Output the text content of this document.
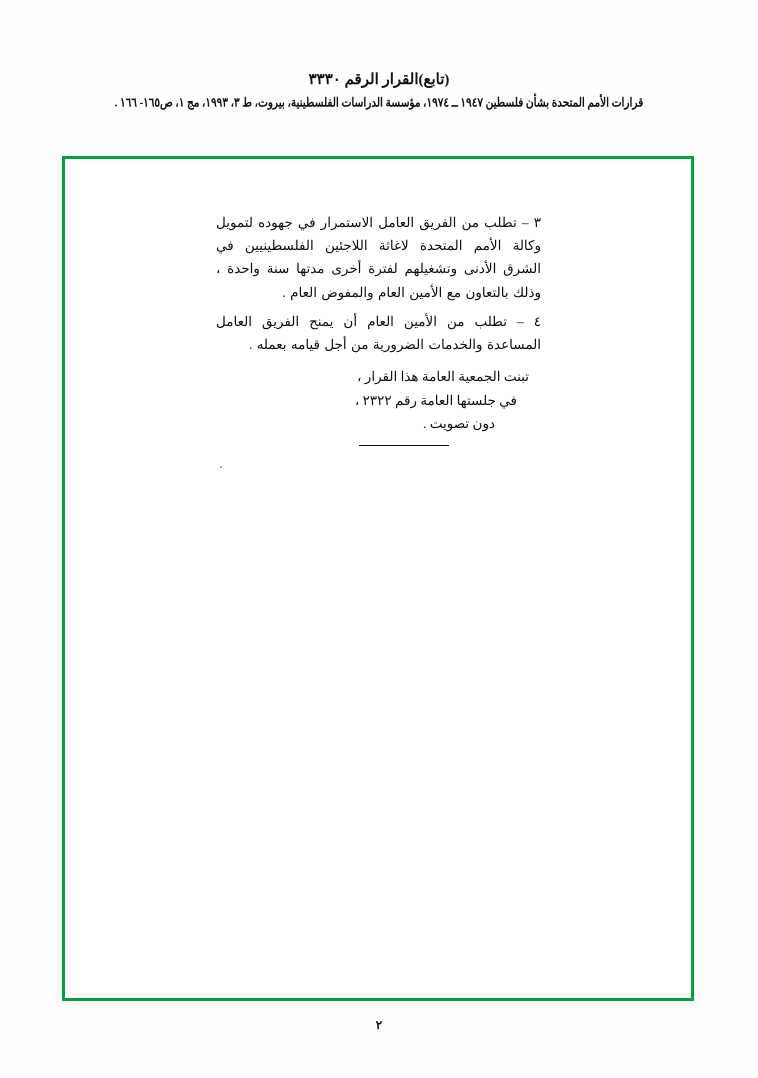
(تابع)القرار الرقم ٣٣٣٠
قرارات الأمم المتحدة بشأن فلسطين ١٩٤٧ ــ ١٩٧٤، مؤسسة الدراسات الفلسطينية، بيروت، ط ٣، ١٩٩٣، مج ١، ص١٦٥- ١٦٦ .

٣ – تطلب من الفريق العامل الاستمرار في جهوده لتمويل وكالة الأمم المتحدة لاغاثة اللاجئين الفلسطينيين في الشرق الأدنى وتشغيلهم لفترة أخرى مدتها سنة واحدة ، وذلك بالتعاون مع الأمين العام والمفوض العام .

٤ – تطلب من الأمين العام أن يمنح الفريق العامل المساعدة والخدمات الضرورية من أجل قيامه بعمله .

تبنت الجمعية العامة هذا القرار ،
في جلستها العامة رقم ٢٣٢٢ ،
دون تصويت .
٢
